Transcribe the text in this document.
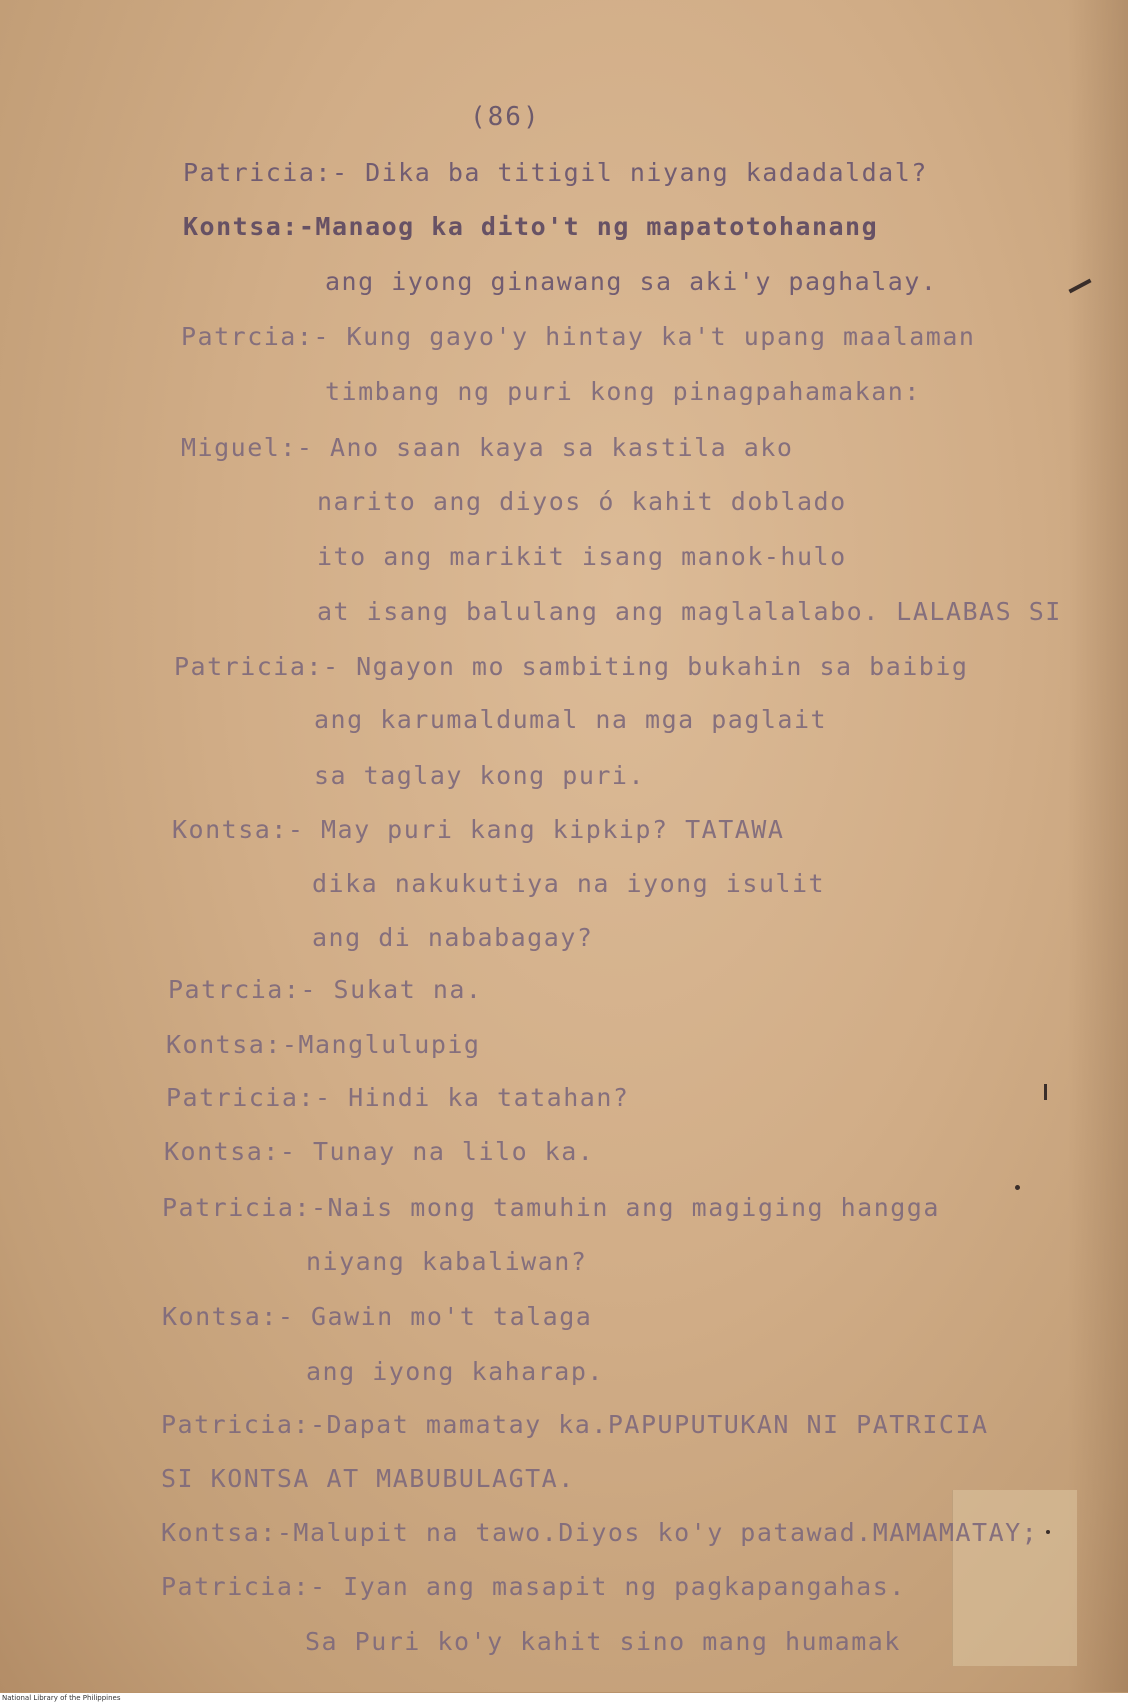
(86)
Patricia:- Dika ba titigil niyang kadadaldal?
Kontsa:-Manaog ka dito't ng mapatotohanang
ang iyong ginawang sa aki'y paghalay.
Patrcia:- Kung gayo'y hintay ka't upang maalaman
timbang ng puri kong pinagpahamakan:
Miguel:- Ano saan kaya sa kastila ako
narito ang diyos ó kahit doblado
ito ang marikit isang manok-hulo
at isang balulang ang maglalalabo. LALABAS SI
Patricia:- Ngayon mo sambiting bukahin sa baibig
ang karumaldumal na mga paglait
sa taglay kong puri.
Kontsa:- May puri kang kipkip? TATAWA
dika nakukutiya na iyong isulit
ang di nababagay?
Patrcia:- Sukat na.
Kontsa:-Manglulupig
Patricia:- Hindi ka tatahan?
Kontsa:- Tunay na lilo ka.
Patricia:-Nais mong tamuhin ang magiging hangga
niyang kabaliwan?
Kontsa:- Gawin mo't talaga
ang iyong kaharap.
Patricia:-Dapat mamatay ka.PAPUPUTUKAN NI PATRICIA
SI KONTSA AT MABUBULAGTA.
Kontsa:-Malupit na tawo.Diyos ko'y patawad.MAMAMATAY;
Patricia:- Iyan ang masapit ng pagkapangahas.
Sa Puri ko'y kahit sino mang humamak
National Library of the Philippines
